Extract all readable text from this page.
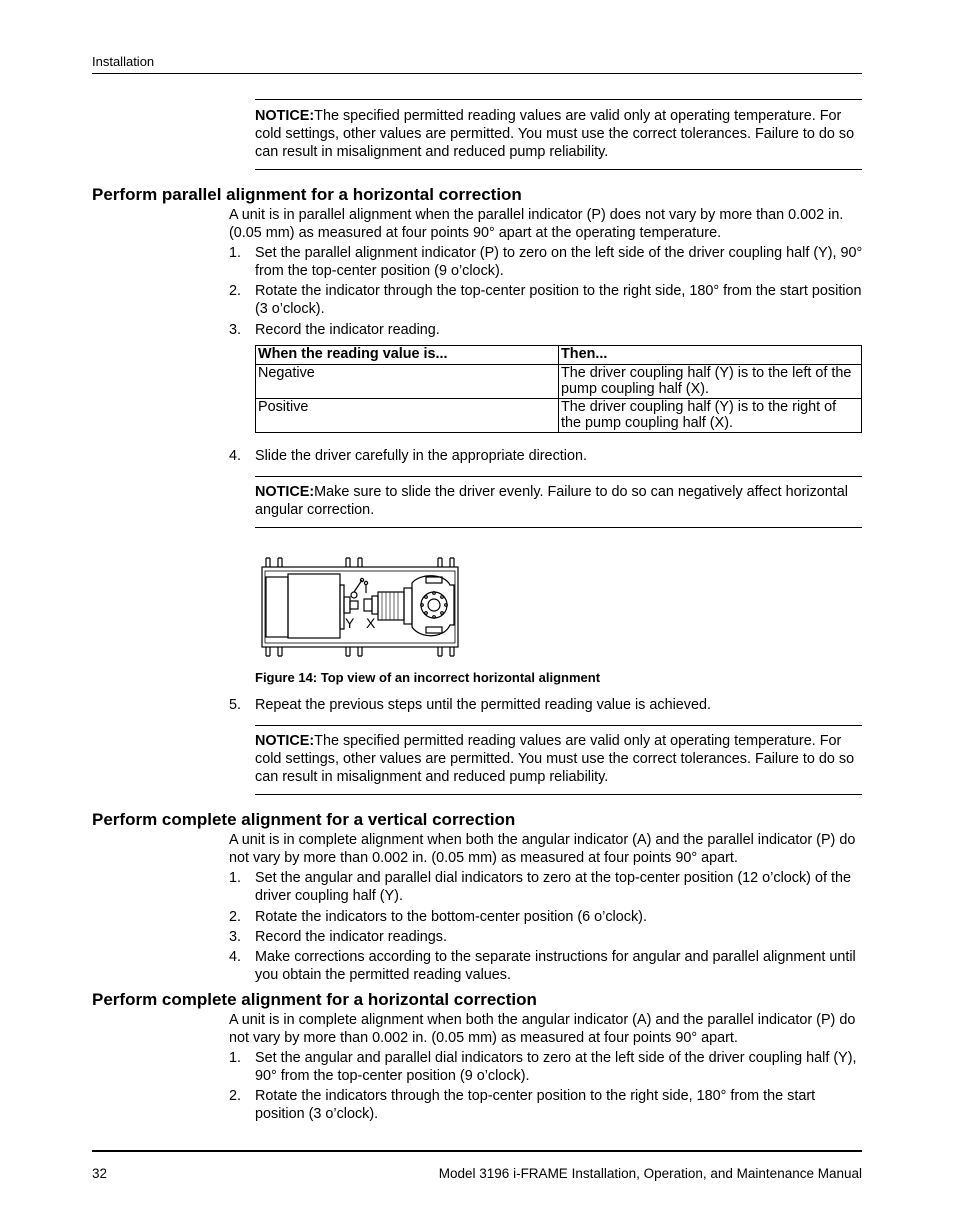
Installation
NOTICE:The specified permitted reading values are valid only at operating temperature. For cold settings, other values are permitted. You must use the correct tolerances. Failure to do so can result in misalignment and reduced pump reliability.
Perform parallel alignment for a horizontal correction

A unit is in parallel alignment when the parallel indicator (P) does not vary by more than 0.002 in. (0.05 mm) as measured at four points 90° apart at the operating temperature.

1. Set the parallel alignment indicator (P) to zero on the left side of the driver coupling half (Y), 90° from the top-center position (9 o’clock).
2. Rotate the indicator through the top-center position to the right side, 180° from the start position (3 o’clock).
3. Record the indicator reading.
When the reading value is...	Then...
Negative	The driver coupling half (Y) is to the left of the pump coupling half (X).
Positive	The driver coupling half (Y) is to the right of the pump coupling half (X).
4. Slide the driver carefully in the appropriate direction.
NOTICE:Make sure to slide the driver evenly. Failure to do so can negatively affect horizontal angular correction.
Y X
Figure 14: Top view of an incorrect horizontal alignment
5. Repeat the previous steps until the permitted reading value is achieved.
NOTICE:The specified permitted reading values are valid only at operating temperature. For cold settings, other values are permitted. You must use the correct tolerances. Failure to do so can result in misalignment and reduced pump reliability.
Perform complete alignment for a vertical correction

A unit is in complete alignment when both the angular indicator (A) and the parallel indicator (P) do not vary by more than 0.002 in. (0.05 mm) as measured at four points 90° apart.

1. Set the angular and parallel dial indicators to zero at the top-center position (12 o’clock) of the driver coupling half (Y).
2. Rotate the indicators to the bottom-center position (6 o’clock).
3. Record the indicator readings.
4. Make corrections according to the separate instructions for angular and parallel alignment until you obtain the permitted reading values.
Perform complete alignment for a horizontal correction

A unit is in complete alignment when both the angular indicator (A) and the parallel indicator (P) do not vary by more than 0.002 in. (0.05 mm) as measured at four points 90° apart.

1. Set the angular and parallel dial indicators to zero at the left side of the driver coupling half (Y), 90° from the top-center position (9 o’clock).
2. Rotate the indicators through the top-center position to the right side, 180° from the start position (3 o’clock).
32	Model 3196 i-FRAME Installation, Operation, and Maintenance Manual
